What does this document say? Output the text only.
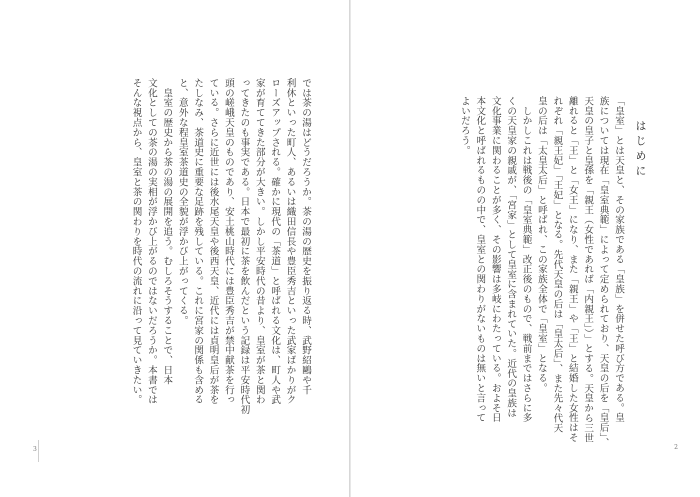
では茶の湯はどうだろうか。茶の湯の歴史を振り返る時、武野紹鷗や千
利休といった町人、あるいは織田信長や豊臣秀吉といった武家ばかりがク
ローズアップされる。確かに現代の「茶道」と呼ばれる文化は、町人や武
家が育ててきた部分が大きい。しかし平安時代の昔より、皇室が茶と関わ
ってきたのも事実である。日本で最初に茶を飲んだという記録は平安時代初
頭の嵯峨天皇のものであり、安土桃山時代には豊臣秀吉が禁中献茶を行っ
ている。さらに近世には後水尾天皇や後西天皇、近代には貞明皇后が茶を
たしなみ、茶道史に重要な足跡を残している。これに宮家の関係も含める
と、意外な程皇室茶道史の全貌が浮かび上がってくる。
　皇室の歴史から茶の湯の展開を追う。むしろそうすることで、日本
文化としての茶の湯の実相が浮かび上がるのではないだろうか。本書では
そんな視点から、皇室と茶の関わりを時代の流れに沿って見ていきたい。
3
はじめに
「皇室」とは天皇と、その家族である「皇族」を併せた呼び方である。皇
族については現在「皇室典範」によって定められており、天皇の后を「皇后」、
天皇の皇子と皇孫を「親王（女性であれば「内親王」）」とする。天皇から三世
離れると「王」と「女王」になり、また「親王」や「王」と結婚した女性はそ
れぞれ「親王妃」「王妃」となる。先代天皇の后は「皇太后」、また先々代天
皇の后は「太皇太后」と呼ばれ、この家族全体で「皇室」となる。
　しかしこれは戦後の「皇室典範」改正後のもので、戦前まではさらに多
くの天皇家の親戚が、「宮家」として皇室に含まれていた。近代の皇族は
文化事業に関わることが多く、その影響は多岐にわたっている。およそ日
本文化と呼ばれるものの中で、皇室との関わりがないものは無いと言って
よいだろう。
2
